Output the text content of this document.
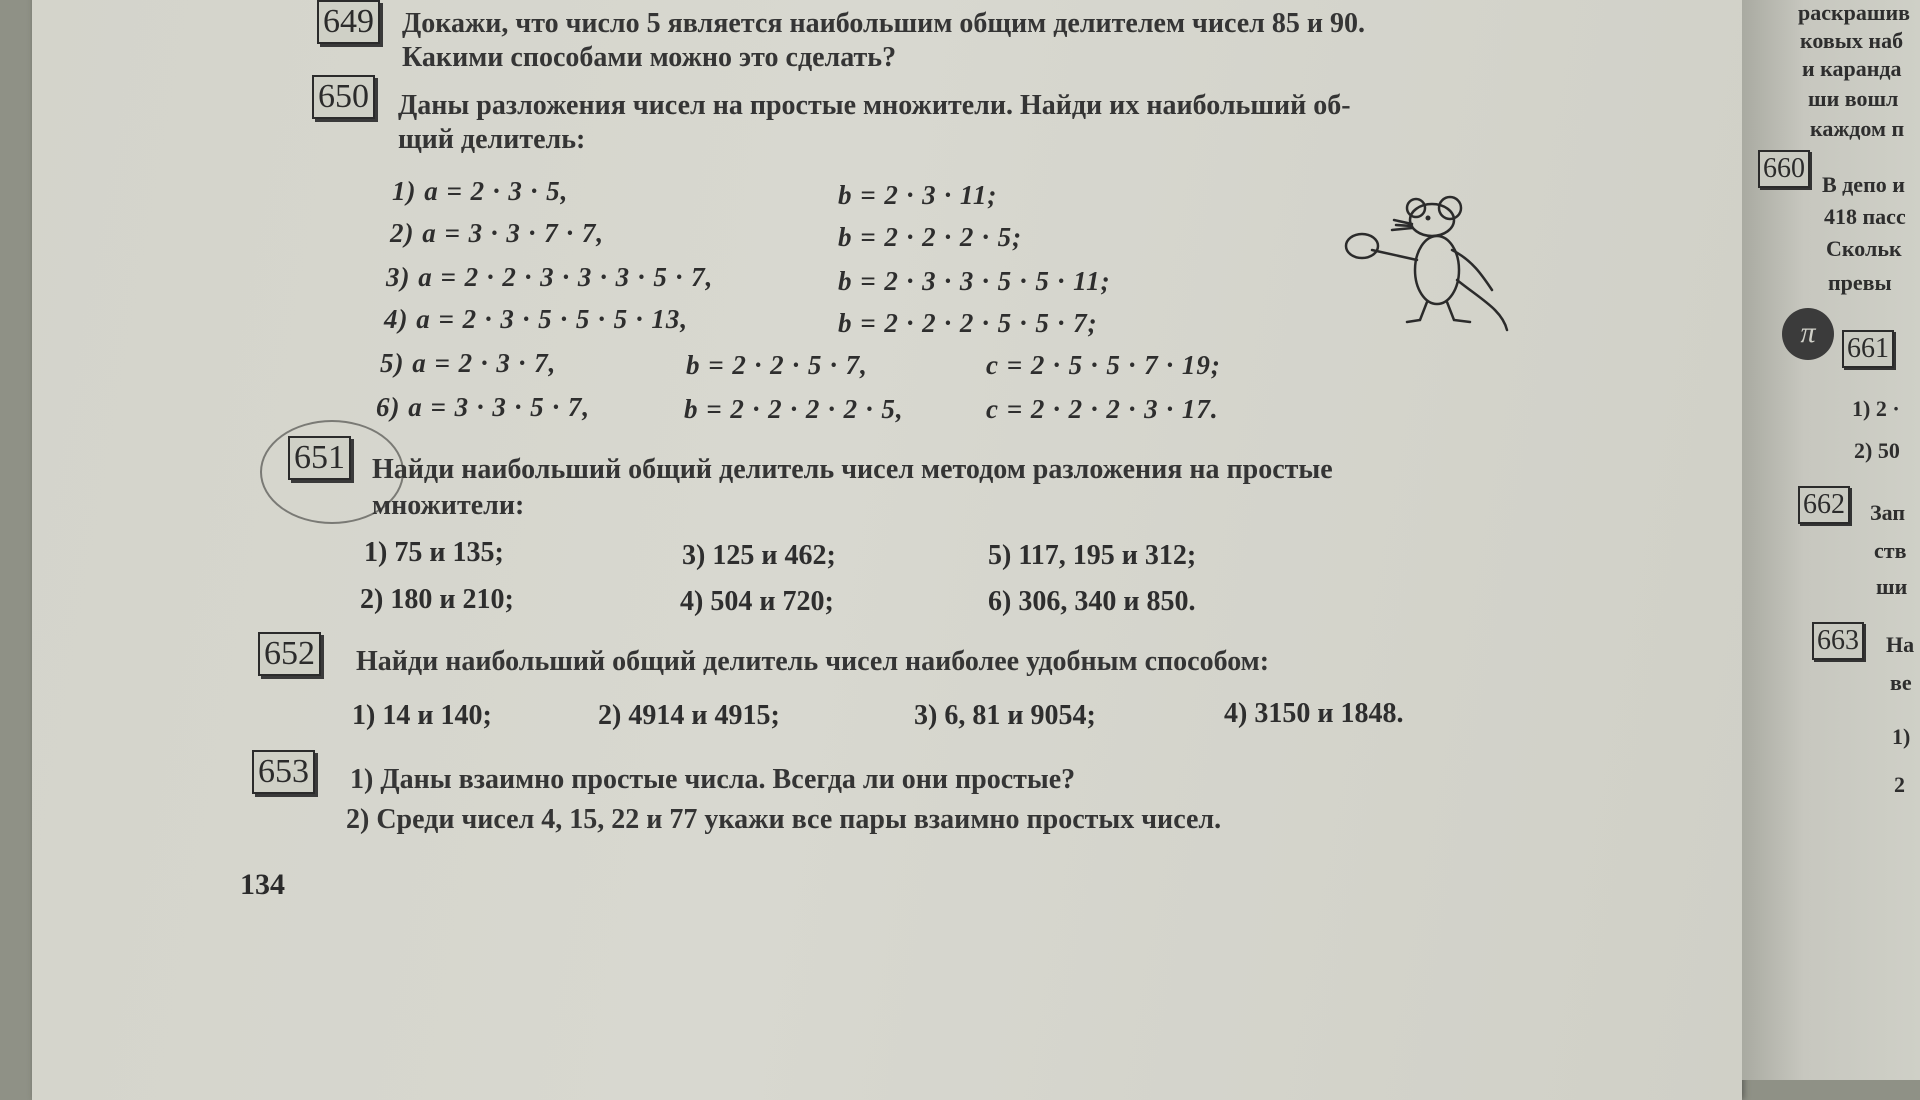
649 Докажи, что число 5 является наибольшим общим делителем чисел 85 и 90.
Какими способами можно это сделать?
650 Даны разложения чисел на простые множители. Найди их наибольший об-
щий делитель:
1) a = 2 · 3 · 5,	b = 2 · 3 · 11;
2) a = 3 · 3 · 7 · 7,	b = 2 · 2 · 2 · 5;
3) a = 2 · 2 · 3 · 3 · 3 · 5 · 7,	b = 2 · 3 · 3 · 5 · 5 · 11;
4) a = 2 · 3 · 5 · 5 · 5 · 13,	b = 2 · 2 · 2 · 5 · 5 · 7;
5) a = 2 · 3 · 7,	b = 2 · 2 · 5 · 7,	c = 2 · 5 · 5 · 7 · 19;
6) a = 3 · 3 · 5 · 7,	b = 2 · 2 · 2 · 2 · 5,	c = 2 · 2 · 2 · 3 · 17.
651 Найди наибольший общий делитель чисел методом разложения на простые
множители:
1) 75 и 135;	3) 125 и 462;	5) 117, 195 и 312;
2) 180 и 210;	4) 504 и 720;	6) 306, 340 и 850.
652 Найди наибольший общий делитель чисел наиболее удобным способом:
1) 14 и 140;	2) 4914 и 4915;	3) 6, 81 и 9054;	4) 3150 и 1848.
653 1) Даны взаимно простые числа. Всегда ли они простые?
2) Среди чисел 4, 15, 22 и 77 укажи все пары взаимно простых чисел.
134
раскрашив
ковых наб
и каранда
ши вошл
каждом п
660
В депо и
418 пасс
Скольк
превы
π	661
1) 2 ·
2) 50
662 Зап
ств
ши
663 На
ве
1)
2
